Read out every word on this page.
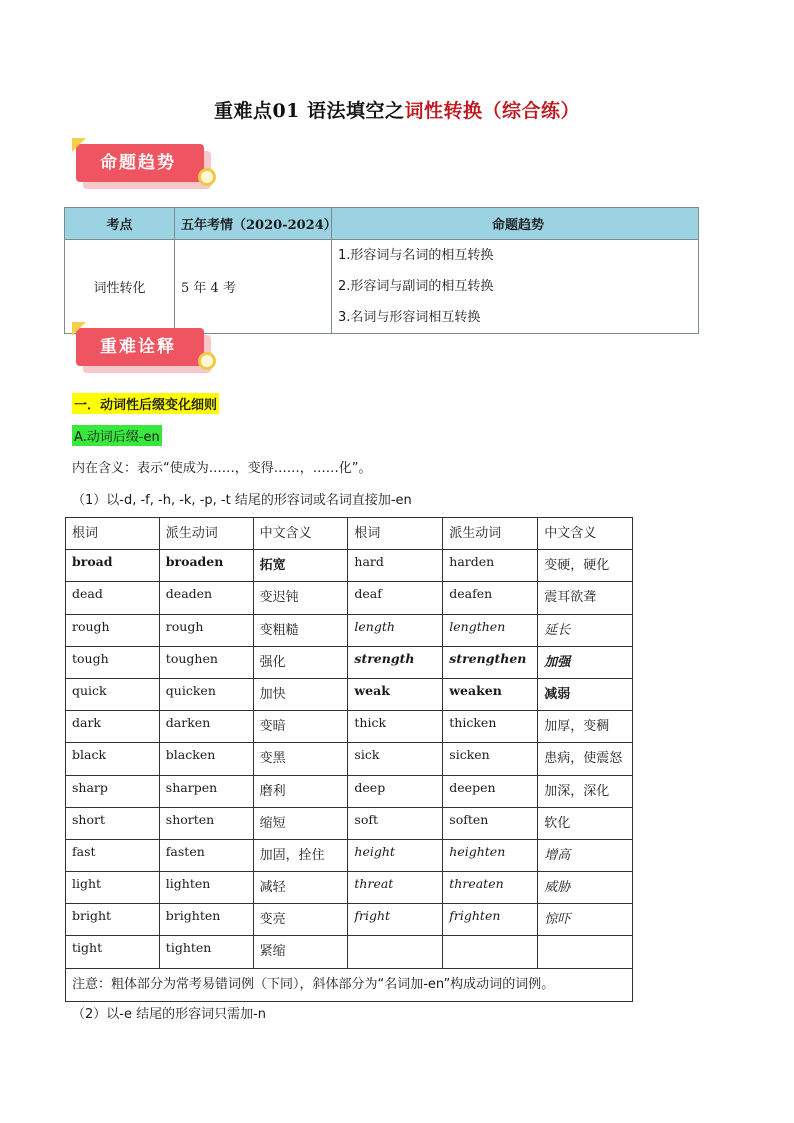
重难点01 语法填空之词性转换（综合练）
命题趋势
考点	五年考情（2020-2024）	命题趋势
词性转化	5 年 4 考	1.形容词与名词的相互转换
2.形容词与副词的相互转换
3.名词与形容词相互转换
重难诠释
一．动词性后缀变化细则
A.动词后缀-en
内在含义：表示“使成为……，变得……，……化”。
（1）以-d, -f, -h, -k, -p, -t 结尾的形容词或名词直接加-en
根词	派生动词	中文含义	根词	派生动词	中文含义
broad	broaden	拓宽	hard	harden	变硬，硬化
dead	deaden	变迟钝	deaf	deafen	震耳欲聋
rough	rough	变粗糙	length	lengthen	延长
tough	toughen	强化	strength	strengthen	加强
quick	quicken	加快	weak	weaken	减弱
dark	darken	变暗	thick	thicken	加厚，变稠
black	blacken	变黑	sick	sicken	患病，使震怒
sharp	sharpen	磨利	deep	deepen	加深，深化
short	shorten	缩短	soft	soften	软化
fast	fasten	加固，拴住	height	heighten	增高
light	lighten	减轻	threat	threaten	威胁
bright	brighten	变亮	fright	frighten	惊吓
tight	tighten	紧缩			
注意：粗体部分为常考易错词例（下同），斜体部分为“名词加-en”构成动词的词例。					
（2）以-e 结尾的形容词只需加-n
